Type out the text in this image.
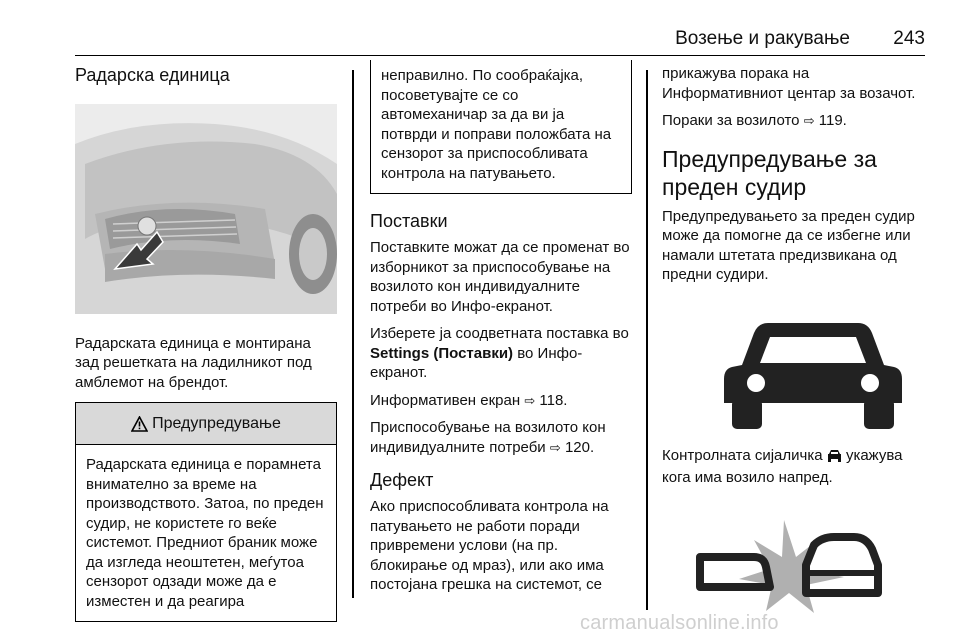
Возење и ракување 243
Радарска единица

Радарската единица е монтирана зад решетката на ладилникот под амблемот на брендот.

Предупредување
Радарската единица е порамнета внимателно за време на производството. Затоа, по преден судир, не користете го веќе системот. Предниот браник може да изгледа неоштетен, меѓутоа сензорот одзади може да е изместен и да реагира
неправилно. По сообраќајка, посоветувајте се со автомеханичар за да ви ја потврди и поправи положбата на сензорот за приспособливата контрола на патувањето.
Поставки

Поставките можат да се променат во изборникот за приспособување на возилото кон индивидуалните потреби во Инфо-екранот.

Изберете ја соодветната поставка во Settings (Поставки) во Инфо-екранот.

Информативен екран ⇨ 118.

Приспособување на возилото кон индивидуалните потреби ⇨ 120.

Дефект

Ако приспособливата контрола на патувањето не работи поради привремени услови (на пр. блокирање од мраз), или ако има постојана грешка на системот, се

прикажува порака на Информативниот центар за возачот.

Пораки за возилото ⇨ 119.

Предупредување за преден судир

Предупредувањето за преден судир може да помогне да се избегне или намали штетата предизвикана од предни судири.

Контролната сијаличка укажува кога има возило напред.

carmanualsonline.info
